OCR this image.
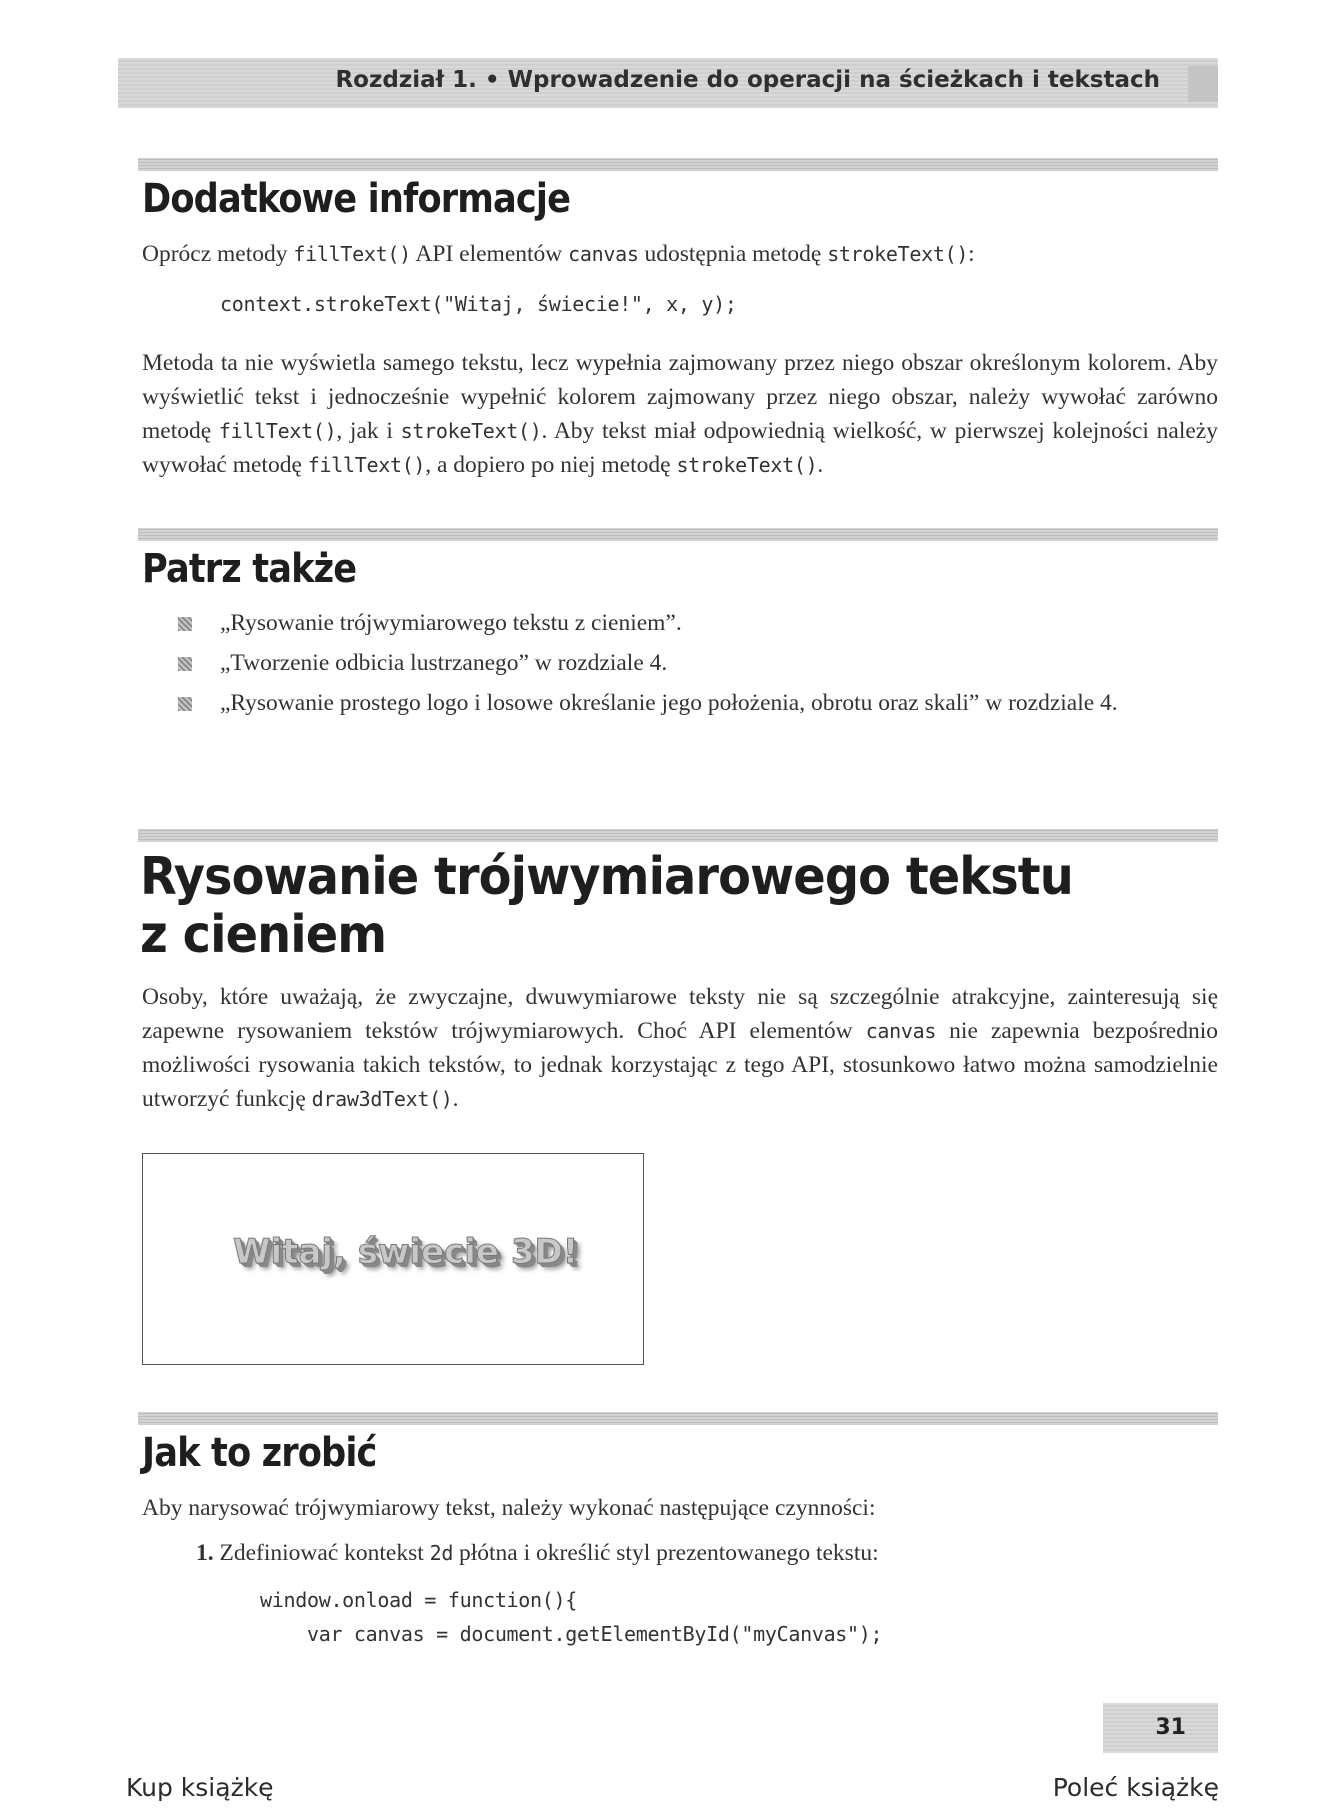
Rozdział 1. • Wprowadzenie do operacji na ścieżkach i tekstach
Dodatkowe informacje

Oprócz metody fillText() API elementów canvas udostępnia metodę strokeText():

context.strokeText("Witaj, świecie!", x, y);

Metoda ta nie wyświetla samego tekstu, lecz wypełnia zajmowany przez niego obszar określonym kolorem. Aby wyświetlić tekst i jednocześnie wypełnić kolorem zajmowany przez niego obszar, należy wywołać zarówno metodę fillText(), jak i strokeText(). Aby tekst miał odpowiednią wielkość, w pierwszej kolejności należy wywołać metodę fillText(), a dopiero po niej metodę strokeText().

Patrz także
„Rysowanie trójwymiarowego tekstu z cieniem”.
„Tworzenie odbicia lustrzanego” w rozdziale 4.
„Rysowanie prostego logo i losowe określanie jego położenia, obrotu oraz skali” w rozdziale 4.
Rysowanie trójwymiarowego tekstu
z cieniem

Osoby, które uważają, że zwyczajne, dwuwymiarowe teksty nie są szczególnie atrakcyjne, zainteresują się zapewne rysowaniem tekstów trójwymiarowych. Choć API elementów canvas nie zapewnia bezpośrednio możliwości rysowania takich tekstów, to jednak korzystając z tego API, stosunkowo łatwo można samodzielnie utworzyć funkcję draw3dText().

Witaj, świecie 3D!
Jak to zrobić

Aby narysować trójwymiarowy tekst, należy wykonać następujące czynności:

1. Zdefiniować kontekst 2d płótna i określić styl prezentowanego tekstu:
window.onload = function(){
var canvas = document.getElementById("myCanvas");
31
Kup książkę	Poleć książkę
